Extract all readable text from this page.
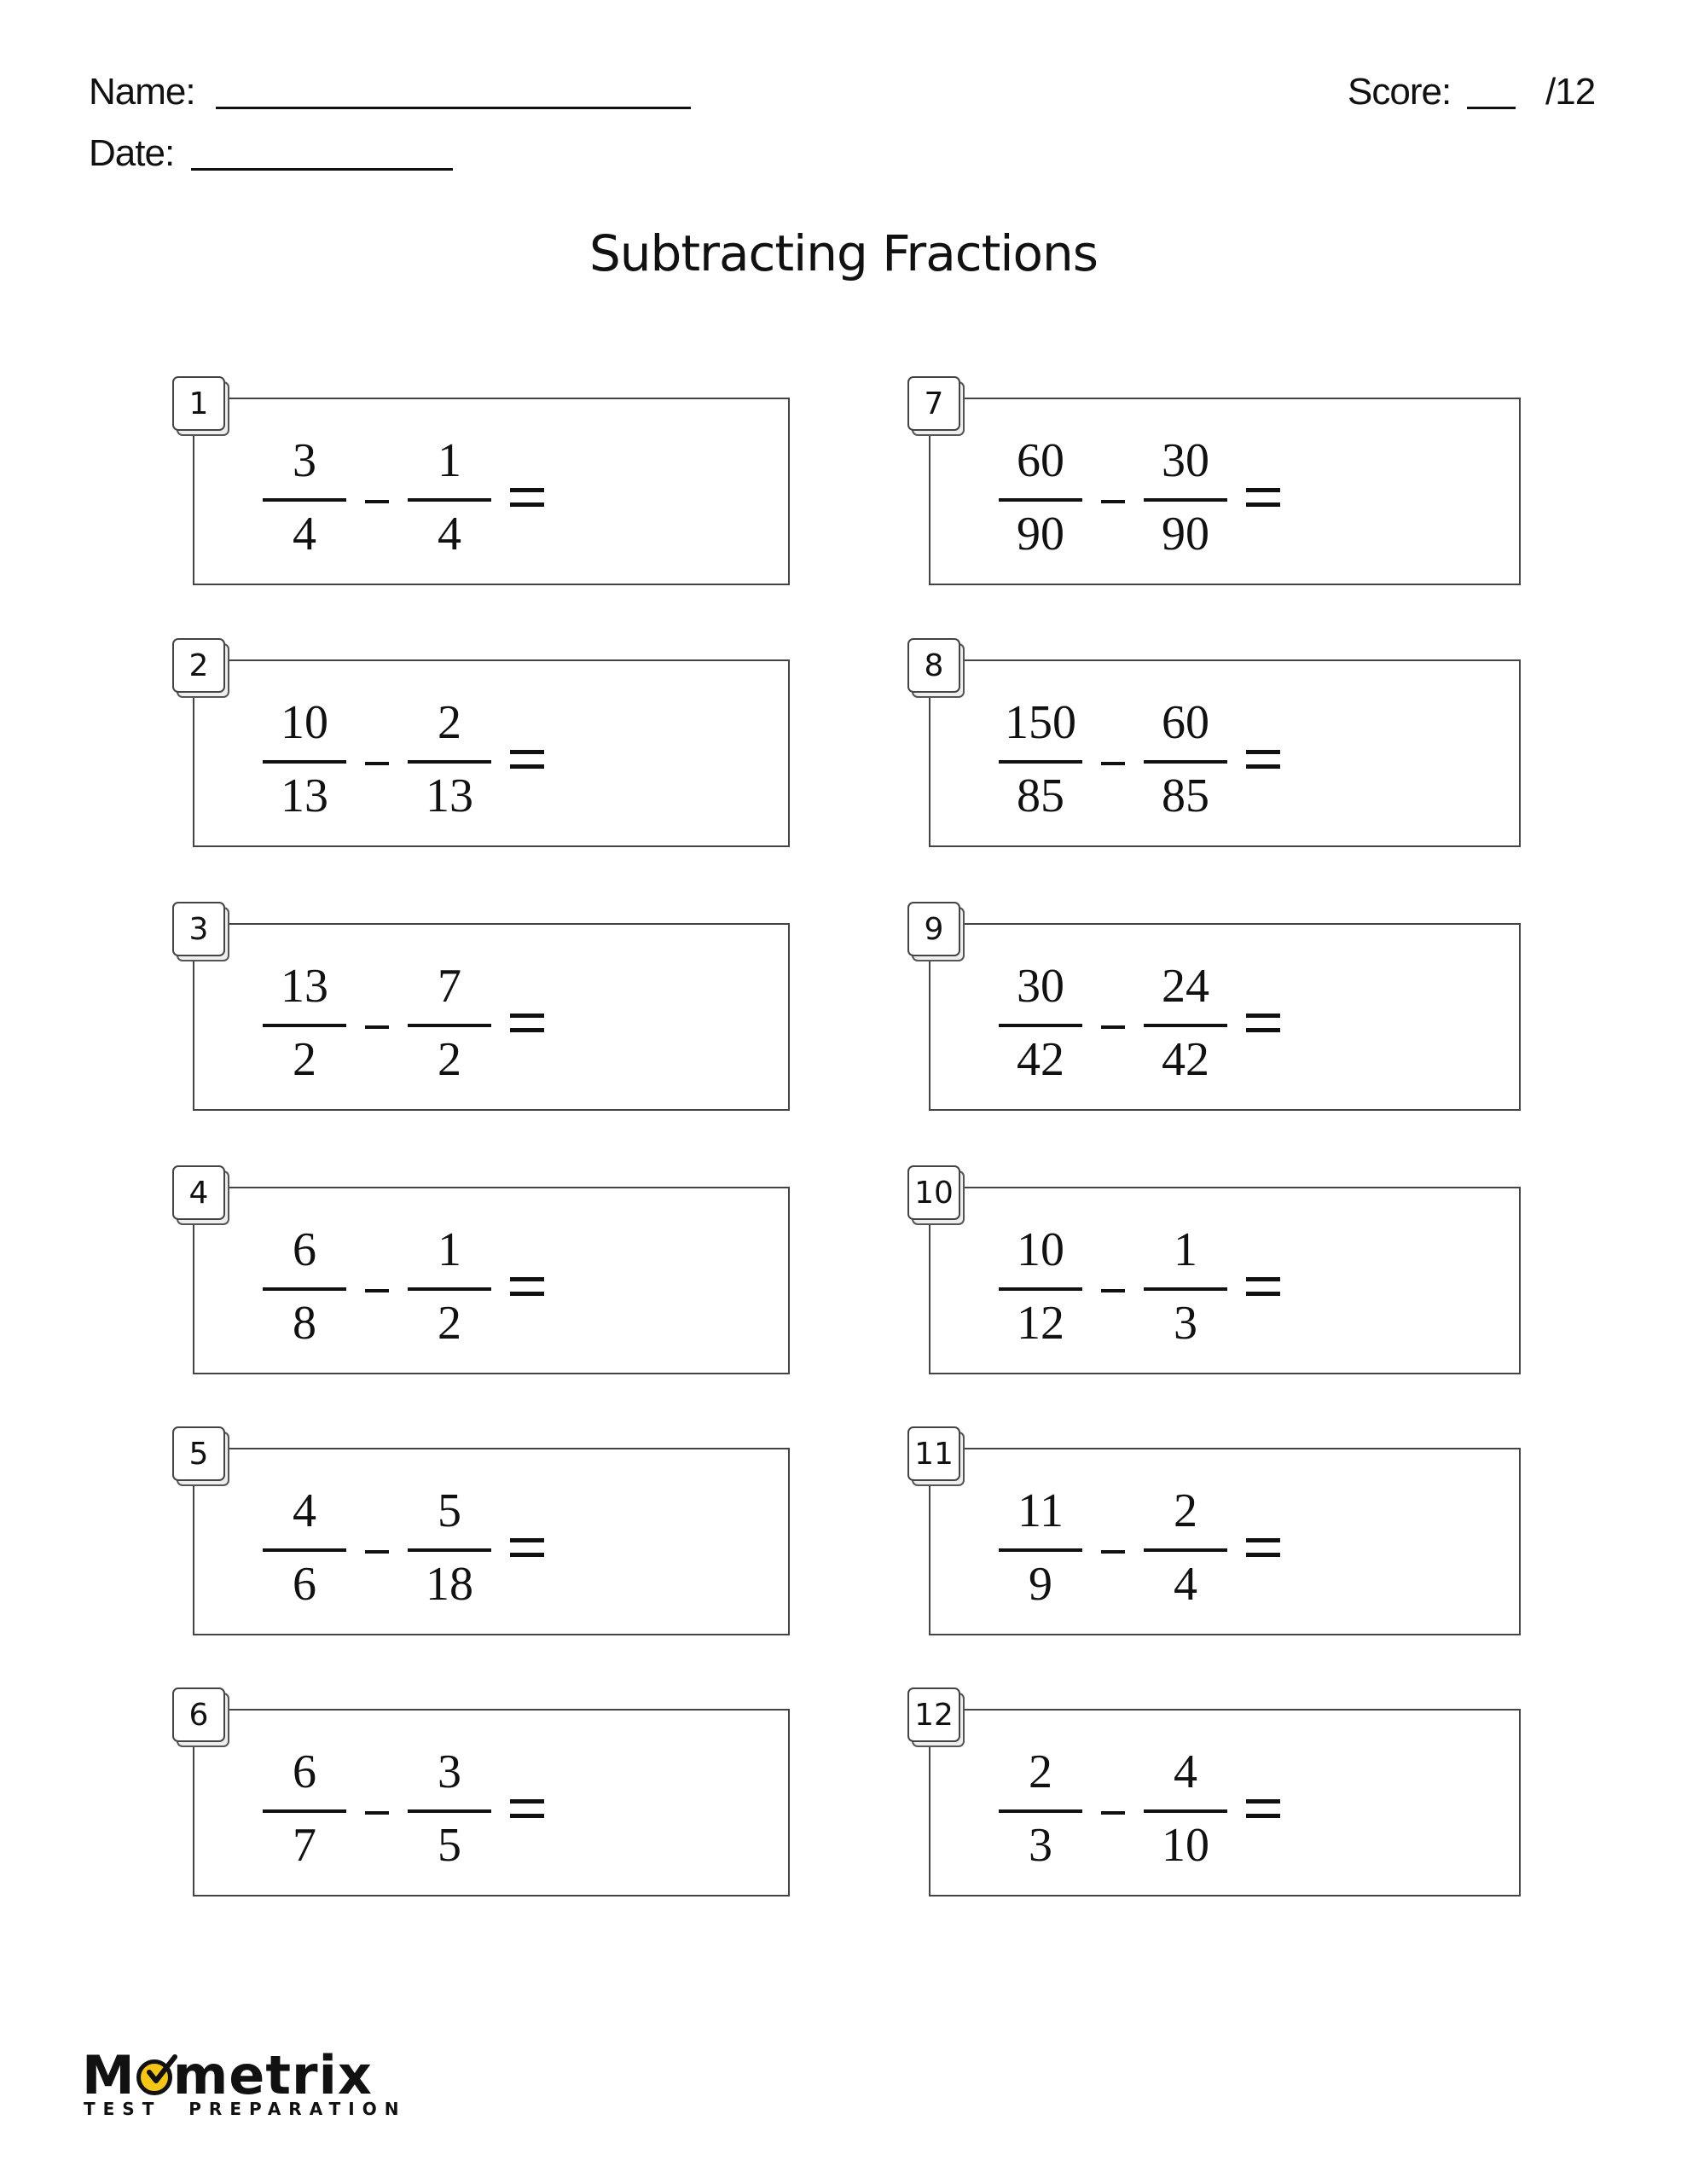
Name:
Date:
Score:	/12
Subtracting Fractions
1
3
4
1
4
2
10
13
2
13
3
13
2
7
2
4
6
8
1
2
5
4
6
5
18
6
6
7
3
5
7
60
90
30
90
8
150
85
60
85
9
30
42
24
42
10
10
12
1
3
11
11
9
2
4
12
2
3
4
10
M metrix
TEST  PREPARATION
